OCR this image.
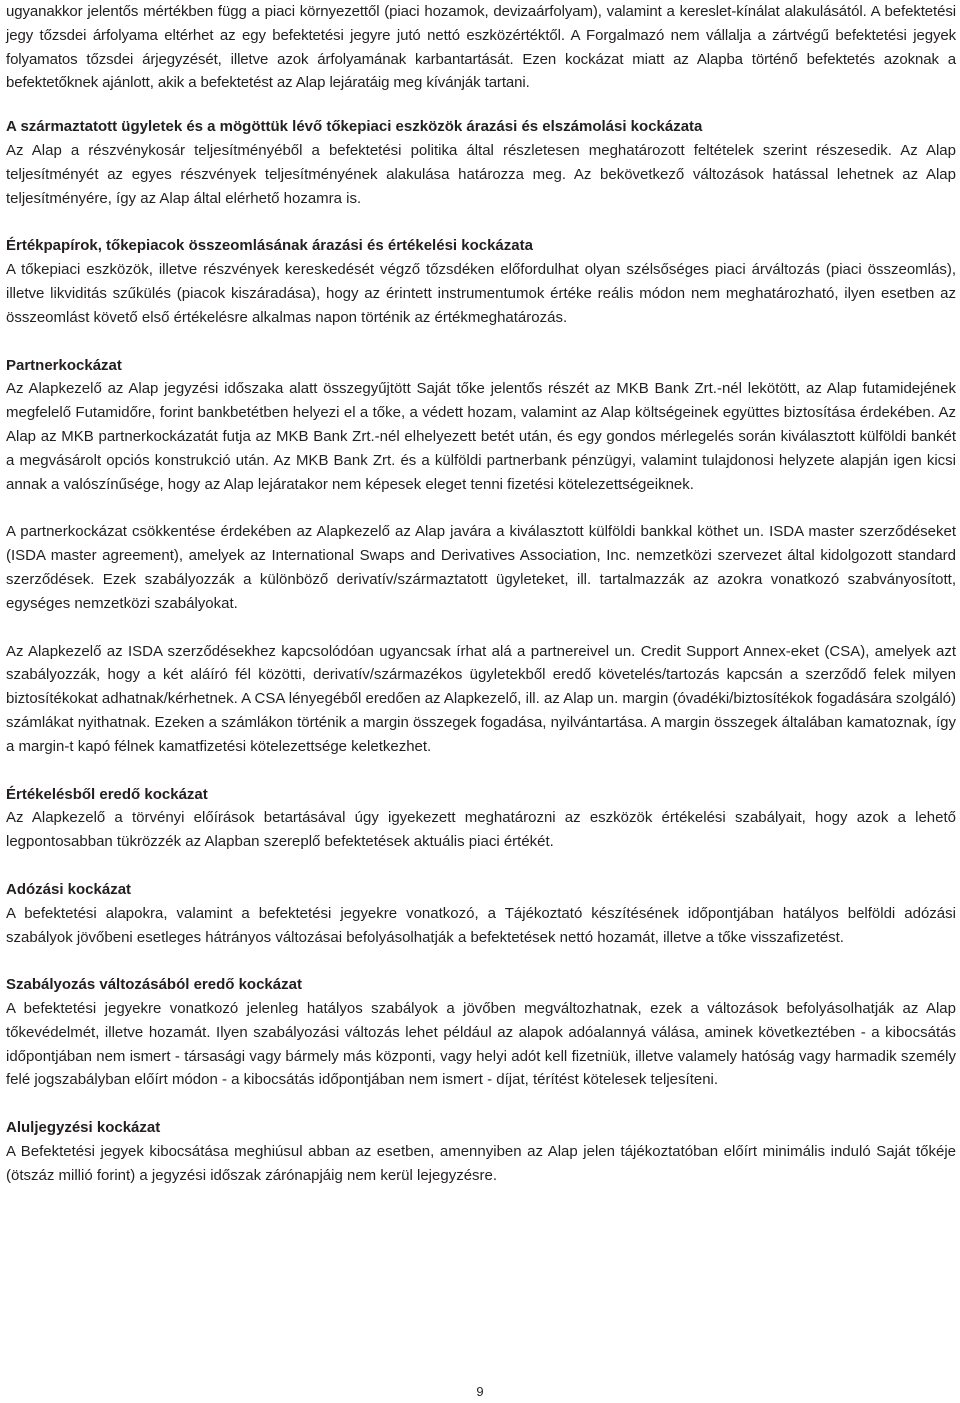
ugyanakkor jelentős mértékben függ a piaci környezettől (piaci hozamok, devizaárfolyam), valamint a kereslet-kínálat alakulásától. A befektetési jegy tőzsdei árfolyama eltérhet az egy befektetési jegyre jutó nettó eszközértéktől. A Forgalmazó nem vállalja a zártvégű befektetési jegyek folyamatos tőzsdei árjegyzését, illetve azok árfolyamának karbantartását. Ezen kockázat miatt az Alapba történő befektetés azoknak a befektetőknek ajánlott, akik a befektetést az Alap lejáratáig meg kívánják tartani.

A származtatott ügyletek és a mögöttük lévő tőkepiaci eszközök árazási és elszámolási kockázata

Az Alap a részvénykosár teljesítményéből a befektetési politika által részletesen meghatározott feltételek szerint részesedik. Az Alap teljesítményét az egyes részvények teljesítményének alakulása határozza meg. Az bekövetkező változások hatással lehetnek az Alap teljesítményére, így az Alap által elérhető hozamra is.

Értékpapírok, tőkepiacok összeomlásának árazási és értékelési kockázata

A tőkepiaci eszközök, illetve részvények kereskedését végző tőzsdéken előfordulhat olyan szélsőséges piaci árváltozás (piaci összeomlás), illetve likviditás szűkülés (piacok kiszáradása), hogy az érintett instrumentumok értéke reális módon nem meghatározható, ilyen esetben az összeomlást követő első értékelésre alkalmas napon történik az értékmeghatározás.

Partnerkockázat

Az Alapkezelő az Alap jegyzési időszaka alatt összegyűjtött Saját tőke jelentős részét az MKB Bank Zrt.-nél lekötött, az Alap futamidejének megfelelő Futamidőre, forint bankbetétben helyezi el a tőke, a védett hozam, valamint az Alap költségeinek együttes biztosítása érdekében. Az Alap az MKB partnerkockázatát futja az MKB Bank Zrt.-nél elhelyezett betét után, és egy gondos mérlegelés során kiválasztott külföldi bankét a megvásárolt opciós konstrukció után. Az MKB Bank Zrt. és a külföldi partnerbank pénzügyi, valamint tulajdonosi helyzete alapján igen kicsi annak a valószínűsége, hogy az Alap lejáratakor nem képesek eleget tenni fizetési kötelezettségeiknek.

A partnerkockázat csökkentése érdekében az Alapkezelő az Alap javára a kiválasztott külföldi bankkal köthet un. ISDA master szerződéseket (ISDA master agreement), amelyek az International Swaps and Derivatives Association, Inc. nemzetközi szervezet által kidolgozott standard szerződések. Ezek szabályozzák a különböző derivatív/származtatott ügyleteket, ill. tartalmazzák az azokra vonatkozó szabványosított, egységes nemzetközi szabályokat.

Az Alapkezelő az ISDA szerződésekhez kapcsolódóan ugyancsak írhat alá a partnereivel un. Credit Support Annex-eket (CSA), amelyek azt szabályozzák, hogy a két aláíró fél közötti, derivatív/származékos ügyletekből eredő követelés/tartozás kapcsán a szerződő felek milyen biztosítékokat adhatnak/kérhetnek. A CSA lényegéből eredően az Alapkezelő, ill. az Alap un. margin (óvadéki/biztosítékok fogadására szolgáló) számlákat nyithatnak. Ezeken a számlákon történik a margin összegek fogadása, nyilvántartása. A margin összegek általában kamatoznak, így a margin-t kapó félnek kamatfizetési kötelezettsége keletkezhet.

Értékelésből eredő kockázat

Az Alapkezelő a törvényi előírások betartásával úgy igyekezett meghatározni az eszközök értékelési szabályait, hogy azok a lehető legpontosabban tükrözzék az Alapban szereplő befektetések aktuális piaci értékét.

Adózási kockázat

A befektetési alapokra, valamint a befektetési jegyekre vonatkozó, a Tájékoztató készítésének időpontjában hatályos belföldi adózási szabályok jövőbeni esetleges hátrányos változásai befolyásolhatják a befektetések nettó hozamát, illetve a tőke visszafizetést.

Szabályozás változásából eredő kockázat

A befektetési jegyekre vonatkozó jelenleg hatályos szabályok a jövőben megváltozhatnak, ezek a változások befolyásolhatják az Alap tőkevédelmét, illetve hozamát. Ilyen szabályozási változás lehet például az alapok adóalannyá válása, aminek következtében - a kibocsátás időpontjában nem ismert - társasági vagy bármely más központi, vagy helyi adót kell fizetniük, illetve valamely hatóság vagy harmadik személy felé jogszabályban előírt módon - a kibocsátás időpontjában nem ismert - díjat, térítést kötelesek teljesíteni.

Aluljegyzési kockázat

A Befektetési jegyek kibocsátása meghiúsul abban az esetben, amennyiben az Alap jelen tájékoztatóban előírt minimális induló Saját tőkéje (ötszáz millió forint) a jegyzési időszak zárónapjáig nem kerül lejegyzésre.

9
